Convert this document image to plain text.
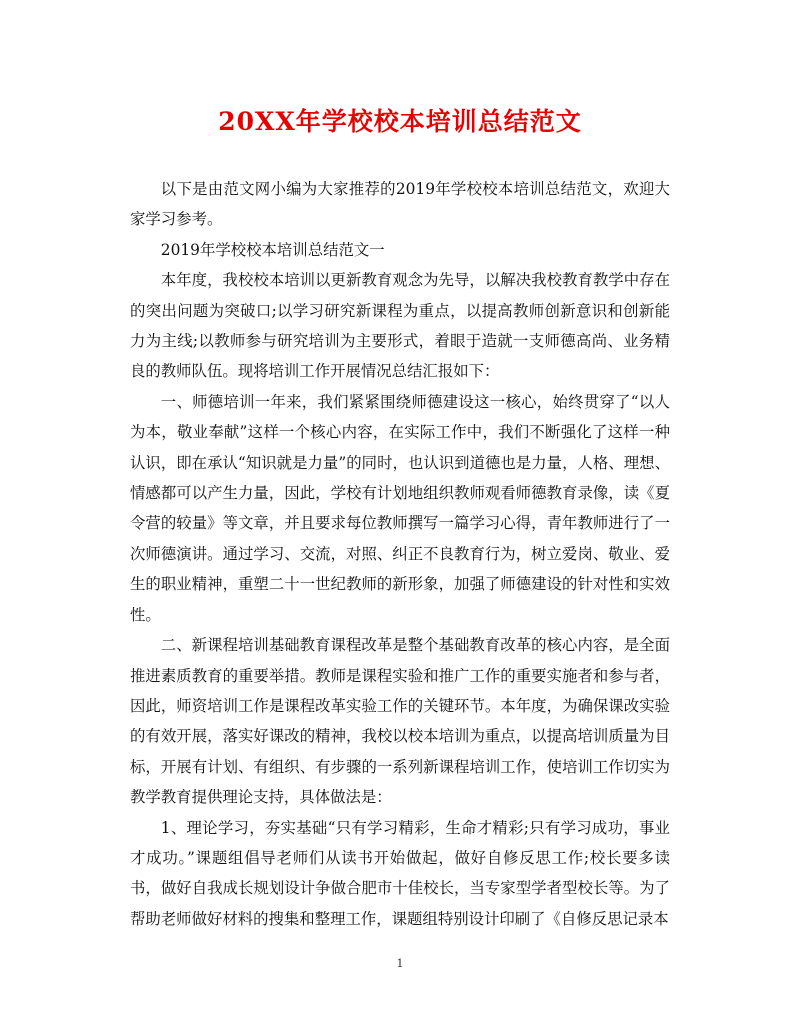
20XX年学校校本培训总结范文

以下是由范文网小编为大家推荐的2019年学校校本培训总结范文，欢迎大家学习参考。

2019年学校校本培训总结范文一

本年度，我校校本培训以更新教育观念为先导，以解决我校教育教学中存在的突出问题为突破口;以学习研究新课程为重点，以提高教师创新意识和创新能力为主线;以教师参与研究培训为主要形式，着眼于造就一支师德高尚、业务精良的教师队伍。现将培训工作开展情况总结汇报如下：

一、师德培训一年来，我们紧紧围绕师德建设这一核心，始终贯穿了“以人为本，敬业奉献”这样一个核心内容，在实际工作中，我们不断强化了这样一种认识，即在承认“知识就是力量”的同时，也认识到道德也是力量，人格、理想、情感都可以产生力量，因此，学校有计划地组织教师观看师德教育录像，读《夏令营的较量》等文章，并且要求每位教师撰写一篇学习心得，青年教师进行了一次师德演讲。通过学习、交流，对照、纠正不良教育行为，树立爱岗、敬业、爱生的职业精神，重塑二十一世纪教师的新形象，加强了师德建设的针对性和实效性。

二、新课程培训基础教育课程改革是整个基础教育改革的核心内容，是全面推进素质教育的重要举措。教师是课程实验和推广工作的重要实施者和参与者，因此，师资培训工作是课程改革实验工作的关键环节。本年度，为确保课改实验的有效开展，落实好课改的精神，我校以校本培训为重点，以提高培训质量为目标，开展有计划、有组织、有步骤的一系列新课程培训工作，使培训工作切实为教学教育提供理论支持，具体做法是：

1、理论学习，夯实基础“只有学习精彩，生命才精彩;只有学习成功，事业才成功。”课题组倡导老师们从读书开始做起，做好自修反思工作;校长要多读书，做好自我成长规划设计争做合肥市十佳校长，当专家型学者型校长等。为了帮助老师做好材料的搜集和整理工作，课题组特别设计印刷了《自修反思记录本

1
